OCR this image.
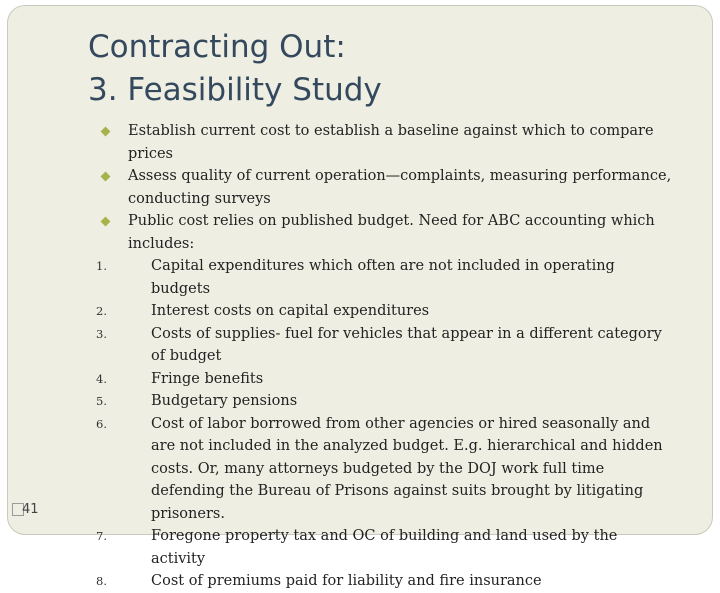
Contracting Out:
3. Feasibility Study
Establish current cost to establish a baseline against which to compare prices
Assess quality of current operation—complaints, measuring performance, conducting surveys
Public cost relies on published budget. Need for ABC accounting which includes:
1.	Capital expenditures which often are not included in operating budgets
2.	Interest costs on capital expenditures
3.	Costs of supplies- fuel for vehicles that appear in a different category of budget
4.	Fringe benefits
5.	Budgetary pensions
6.	Cost of labor borrowed from other agencies or hired seasonally and are not included in the analyzed budget. E.g. hierarchical and hidden costs. Or, many attorneys budgeted by the DOJ work full time defending the Bureau of Prisons against suits brought by litigating prisoners.
7.	Foregone property tax and OC of building and land used by the activity
8.	Cost of premiums paid for liability and fire insurance
41
